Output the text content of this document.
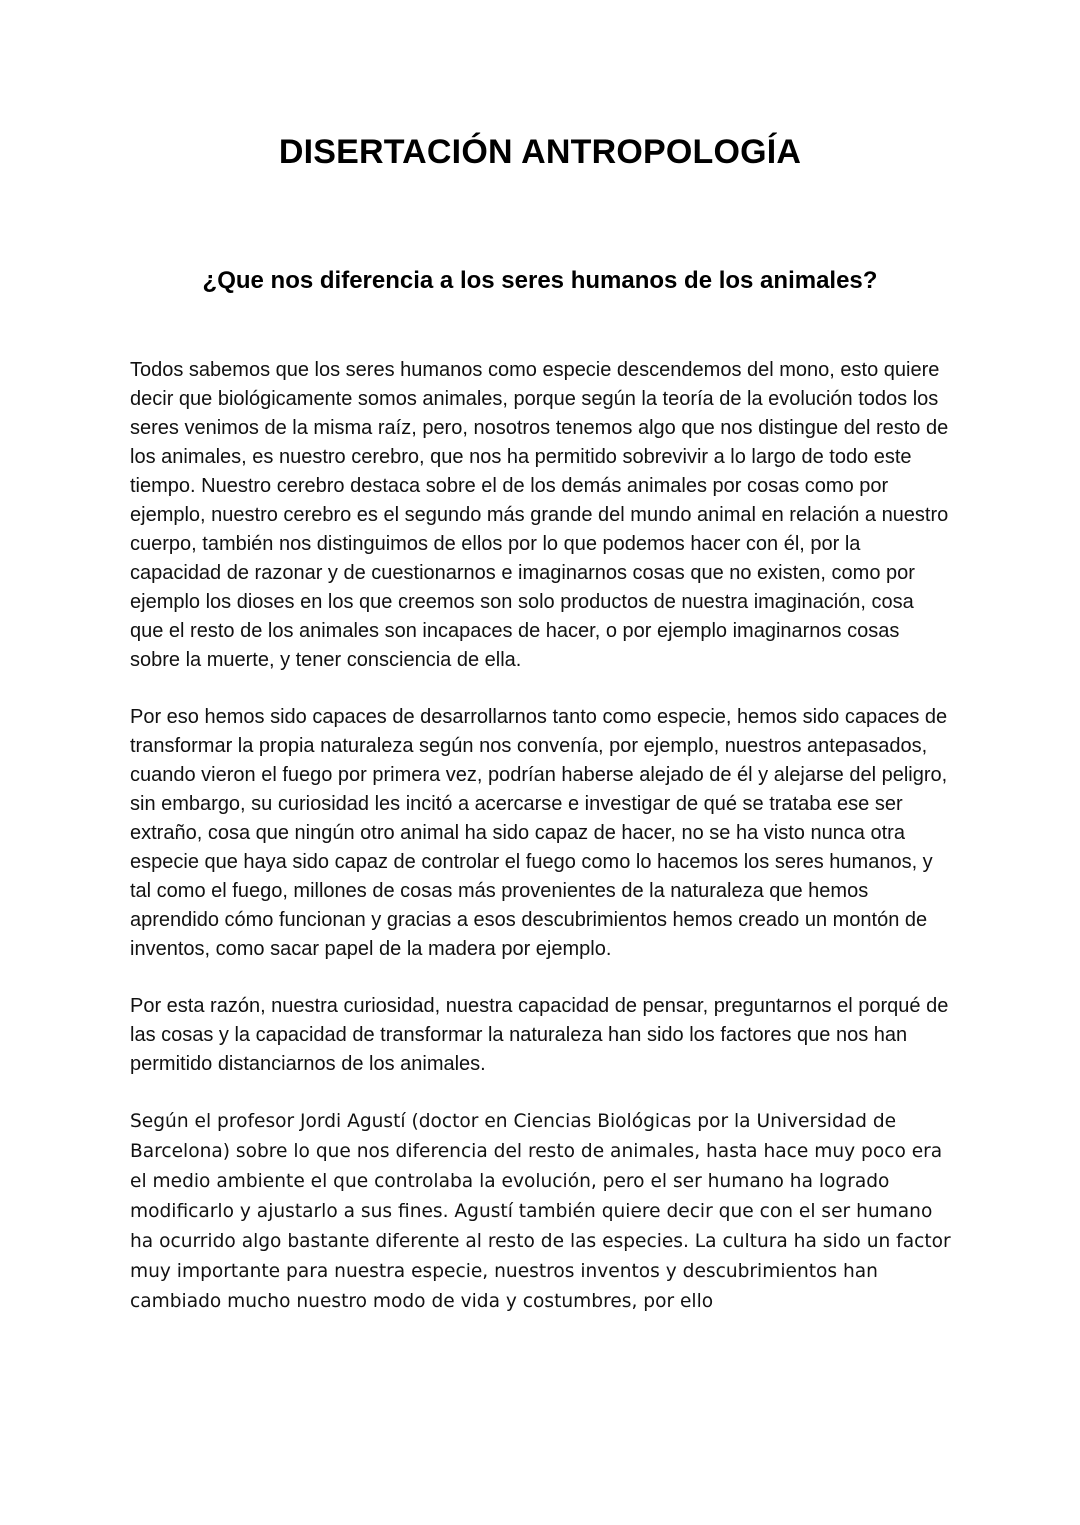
DISERTACIÓN ANTROPOLOGÍA
¿Que nos diferencia a los seres humanos de los animales?

Todos sabemos que los seres humanos como especie descendemos del mono, esto quiere decir que biológicamente somos animales, porque según la teoría de la evolución todos los seres venimos de la misma raíz, pero, nosotros tenemos algo que nos distingue del resto de los animales, es nuestro cerebro, que nos ha permitido sobrevivir a lo largo de todo este tiempo. Nuestro cerebro destaca sobre el de los demás animales por cosas como por ejemplo, nuestro cerebro es el segundo más grande del mundo animal en relación a nuestro cuerpo, también nos distinguimos de ellos por lo que podemos hacer con él, por la capacidad de razonar y de cuestionarnos e imaginarnos cosas que no existen, como por ejemplo los dioses en los que creemos son solo productos de nuestra imaginación, cosa que el resto de los animales son incapaces de hacer, o por ejemplo imaginarnos cosas sobre la muerte, y tener consciencia de ella.

Por eso hemos sido capaces de desarrollarnos tanto como especie, hemos sido capaces de transformar la propia naturaleza según nos convenía, por ejemplo, nuestros antepasados, cuando vieron el fuego por primera vez, podrían haberse alejado de él y alejarse del peligro, sin embargo, su curiosidad les incitó a acercarse e investigar de qué se trataba ese ser extraño, cosa que ningún otro animal ha sido capaz de hacer, no se ha visto nunca otra especie que haya sido capaz de controlar el fuego como lo hacemos los seres humanos, y tal como el fuego, millones de cosas más provenientes de la naturaleza que hemos aprendido cómo funcionan y gracias a esos descubrimientos hemos creado un montón de inventos, como sacar papel de la madera por ejemplo.

Por esta razón, nuestra curiosidad, nuestra capacidad de pensar, preguntarnos el porqué de las cosas y la capacidad de transformar la naturaleza han sido los factores que nos han permitido distanciarnos de los animales.

Según el profesor Jordi Agustí (doctor en Ciencias Biológicas por la Universidad de Barcelona) sobre lo que nos diferencia del resto de animales, hasta hace muy poco era el medio ambiente el que controlaba la evolución, pero el ser humano ha logrado modificarlo y ajustarlo a sus fines. Agustí también quiere decir que con el ser humano ha ocurrido algo bastante diferente al resto de las especies. La cultura ha sido un factor muy importante para nuestra especie, nuestros inventos y descubrimientos han cambiado mucho nuestro modo de vida y costumbres, por ello
